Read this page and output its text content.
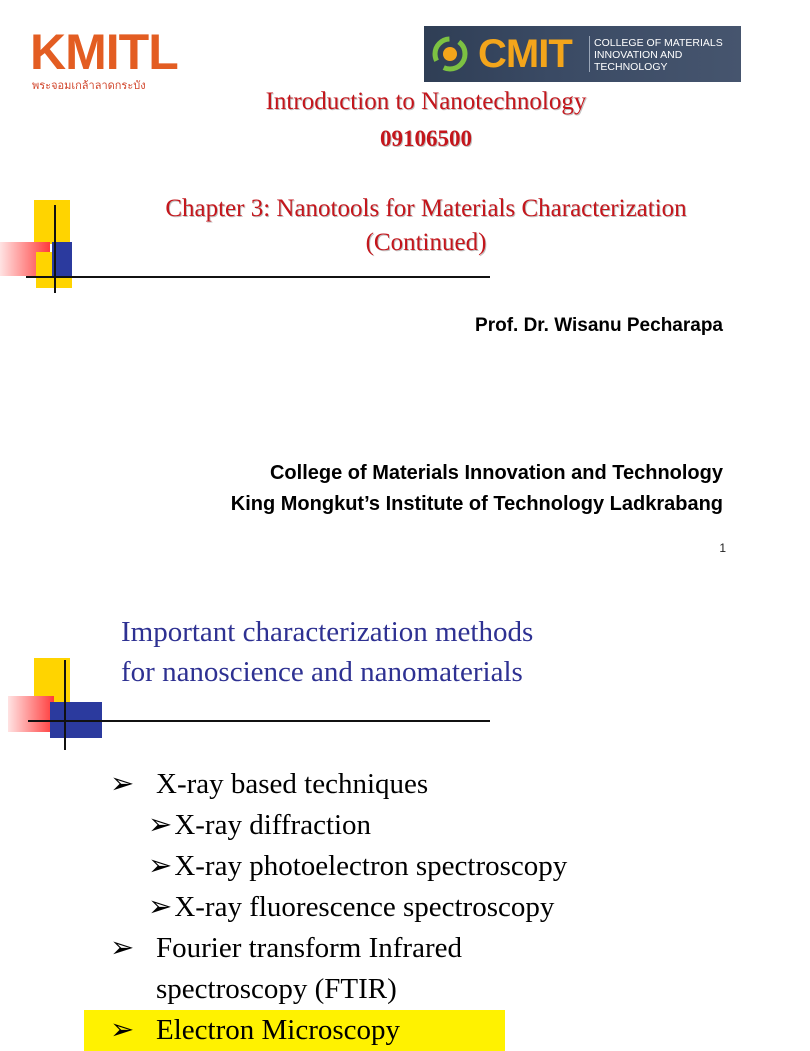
KMITL
พระจอมเกล้าลาดกระบัง
CMIT COLLEGE OF MATERIALS
INNOVATION AND
TECHNOLOGY
Introduction to Nanotechnology
09106500
Chapter 3: Nanotools for Materials Characterization
(Continued)
Prof. Dr. Wisanu Pecharapa
College of Materials Innovation and Technology
King Mongkut’s Institute of Technology Ladkrabang
1
Important characterization methods
for nanoscience and nanomaterials
➢ X-ray based techniques
➢X-ray diffraction
➢X-ray photoelectron spectroscopy
➢X-ray fluorescence spectroscopy
➢ Fourier transform Infrared
spectroscopy (FTIR)
➢ Electron Microscopy
